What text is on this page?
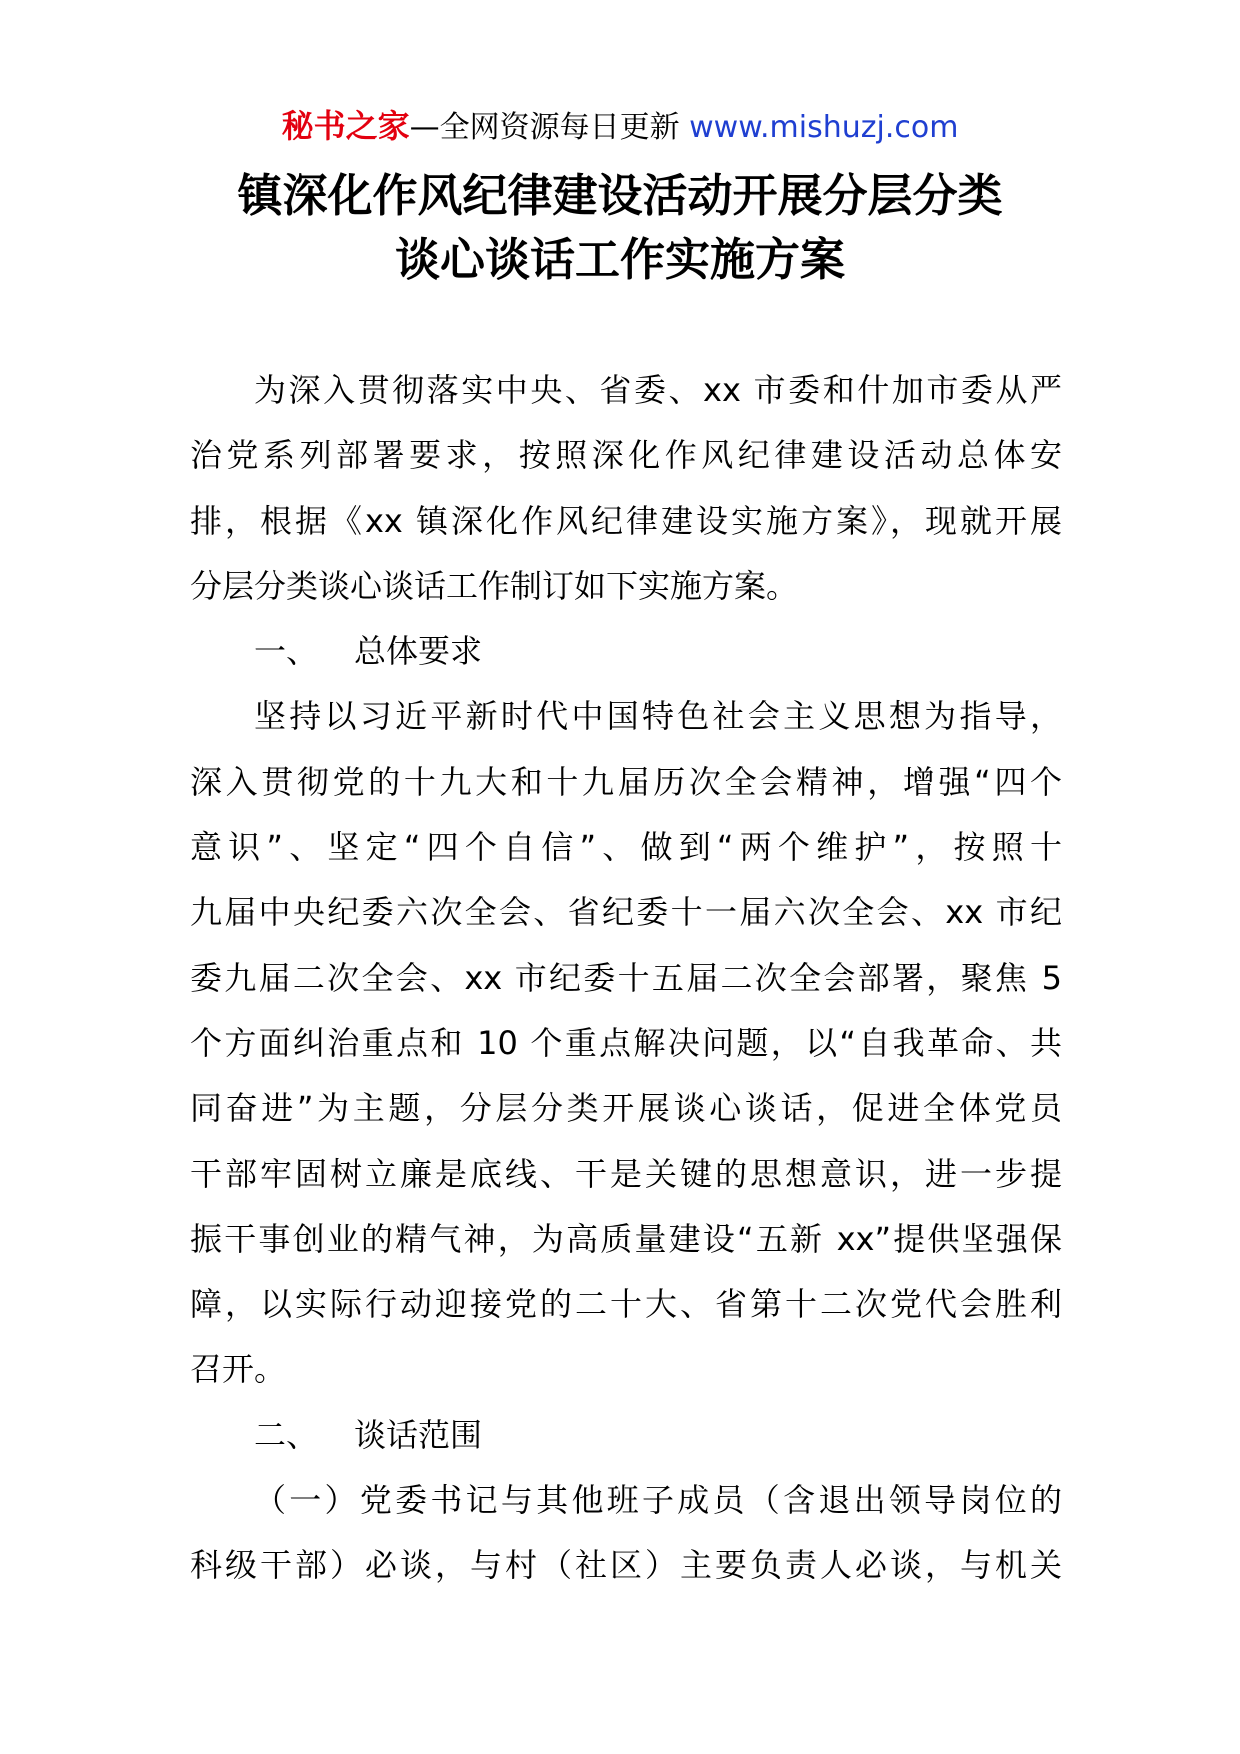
秘书之家—全网资源每日更新 www.mishuzj.com
镇深化作风纪律建设活动开展分层分类
谈心谈话工作实施方案
为深入贯彻落实中央、省委、xx 市委和什加市委从严
治党系列部署要求，按照深化作风纪律建设活动总体安
排，根据《xx 镇深化作风纪律建设实施方案》，现就开展
分层分类谈心谈话工作制订如下实施方案。
一、 总体要求
坚持以习近平新时代中国特色社会主义思想为指导，
深入贯彻党的十九大和十九届历次全会精神，增强“四个
意识”、坚定“四个自信”、做到“两个维护”，按照十
九届中央纪委六次全会、省纪委十一届六次全会、xx 市纪
委九届二次全会、xx 市纪委十五届二次全会部署，聚焦 5
个方面纠治重点和 10 个重点解决问题，以“自我革命、共
同奋进”为主题，分层分类开展谈心谈话，促进全体党员
干部牢固树立廉是底线、干是关键的思想意识，进一步提
振干事创业的精气神，为高质量建设“五新 xx”提供坚强保
障，以实际行动迎接党的二十大、省第十二次党代会胜利
召开。
二、 谈话范围
（一）党委书记与其他班子成员（含退出领导岗位的
科级干部）必谈，与村（社区）主要负责人必谈，与机关
